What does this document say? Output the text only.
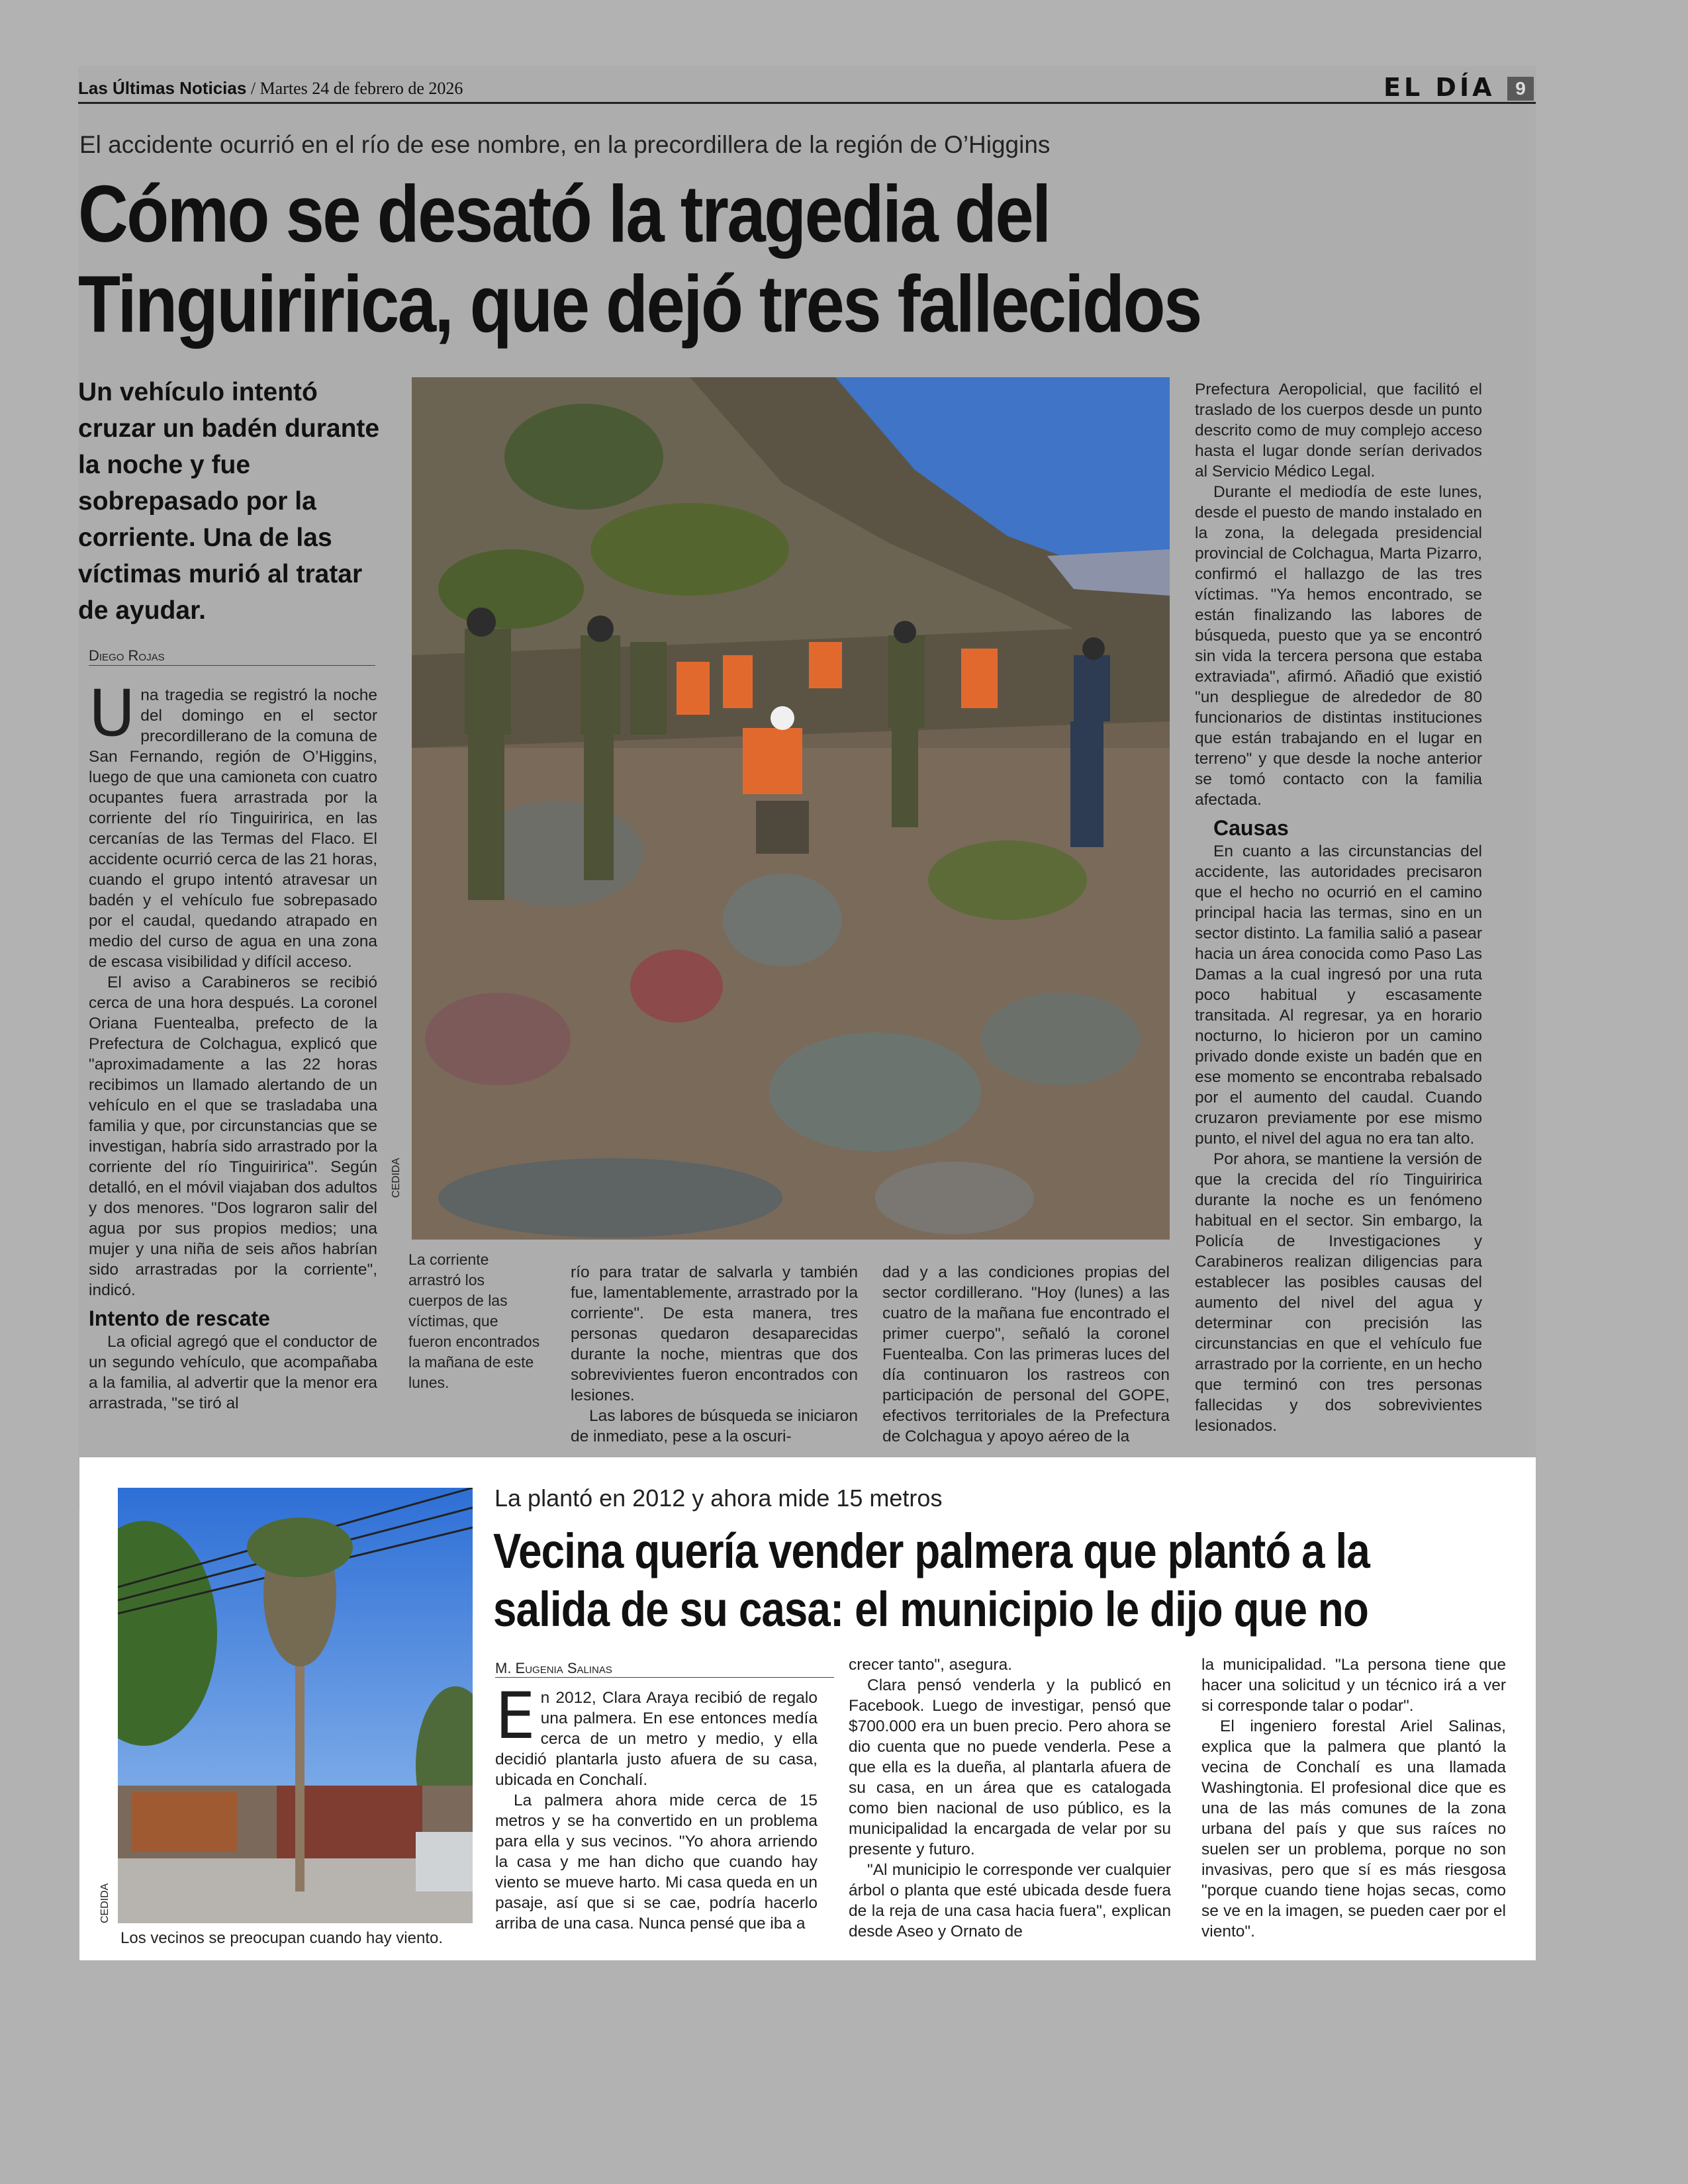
Las Últimas Noticias / Martes 24 de febrero de 2026	EL DÍA	9
El accidente ocurrió en el río de ese nombre, en la precordillera de la región de O’Higgins
Cómo se desató la tragedia del
Tinguiririca, que dejó tres fallecidos
Un vehículo intentó cruzar un badén durante la noche y fue sobrepasado por la corriente. Una de las víctimas murió al tratar de ayudar.
Diego Rojas

Una tragedia se registró la noche del domingo en el sector precordillerano de la comuna de San Fernando, región de O’Higgins, luego de que una camioneta con cuatro ocupantes fuera arrastrada por la corriente del río Tinguiririca, en las cercanías de las Termas del Flaco. El accidente ocurrió cerca de las 21 horas, cuando el grupo intentó atravesar un badén y el vehículo fue sobrepasado por el caudal, quedando atrapado en medio del curso de agua en una zona de escasa visibilidad y difícil acceso.

El aviso a Carabineros se recibió cerca de una hora después. La coronel Oriana Fuentealba, prefecto de la Prefectura de Colchagua, explicó que "aproximadamente a las 22 horas recibimos un llamado alertando de un vehículo en el que se trasladaba una familia y que, por circunstancias que se investigan, habría sido arrastrado por la corriente del río Tinguiririca". Según detalló, en el móvil viajaban dos adultos y dos menores. "Dos lograron salir del agua por sus propios medios; una mujer y una niña de seis años habrían sido arrastradas por la corriente", indicó.

Intento de rescate

La oficial agregó que el conductor de un segundo vehículo, que acompañaba a la familia, al advertir que la menor era arrastrada, "se tiró al

CEDIDA
La corriente arrastró los cuerpos de las víctimas, que fueron encontrados la mañana de este lunes.

río para tratar de salvarla y también fue, lamentablemente, arrastrado por la corriente". De esta manera, tres personas quedaron desaparecidas durante la noche, mientras que dos sobrevivientes fueron encontrados con lesiones.

Las labores de búsqueda se iniciaron de inmediato, pese a la oscuri-

dad y a las condiciones propias del sector cordillerano. "Hoy (lunes) a las cuatro de la mañana fue encontrado el primer cuerpo", señaló la coronel Fuentealba. Con las primeras luces del día continuaron los rastreos con participación de personal del GOPE, efectivos territoriales de la Prefectura de Colchagua y apoyo aéreo de la

Prefectura Aeropolicial, que facilitó el traslado de los cuerpos desde un punto descrito como de muy complejo acceso hasta el lugar donde serían derivados al Servicio Médico Legal.

Durante el mediodía de este lunes, desde el puesto de mando instalado en la zona, la delegada presidencial provincial de Colchagua, Marta Pizarro, confirmó el hallazgo de las tres víctimas. "Ya hemos encontrado, se están finalizando las labores de búsqueda, puesto que ya se encontró sin vida la tercera persona que estaba extraviada", afirmó. Añadió que existió "un despliegue de alrededor de 80 funcionarios de distintas instituciones que están trabajando en el lugar en terreno" y que desde la noche anterior se tomó contacto con la familia afectada.

Causas

En cuanto a las circunstancias del accidente, las autoridades precisaron que el hecho no ocurrió en el camino principal hacia las termas, sino en un sector distinto. La familia salió a pasear hacia un área conocida como Paso Las Damas a la cual ingresó por una ruta poco habitual y escasamente transitada. Al regresar, ya en horario nocturno, lo hicieron por un camino privado donde existe un badén que en ese momento se encontraba rebalsado por el aumento del caudal. Cuando cruzaron previamente por ese mismo punto, el nivel del agua no era tan alto.

Por ahora, se mantiene la versión de que la crecida del río Tinguiririca durante la noche es un fenómeno habitual en el sector. Sin embargo, la Policía de Investigaciones y Carabineros realizan diligencias para establecer las posibles causas del aumento del nivel del agua y determinar con precisión las circunstancias en que el vehículo fue arrastrado por la corriente, en un hecho que terminó con tres personas fallecidas y dos sobrevivientes lesionados.

CEDIDA
Los vecinos se preocupan cuando hay viento.
La plantó en 2012 y ahora mide 15 metros
Vecina quería vender palmera que plantó a la
salida de su casa: el municipio le dijo que no
M. Eugenia Salinas

En 2012, Clara Araya recibió de regalo una palmera. En ese entonces medía cerca de un metro y medio, y ella decidió plantarla justo afuera de su casa, ubicada en Conchalí.

La palmera ahora mide cerca de 15 metros y se ha convertido en un problema para ella y sus vecinos. "Yo ahora arriendo la casa y me han dicho que cuando hay viento se mueve harto. Mi casa queda en un pasaje, así que si se cae, podría hacerlo arriba de una casa. Nunca pensé que iba a

crecer tanto", asegura.

Clara pensó venderla y la publicó en Facebook. Luego de investigar, pensó que $700.000 era un buen precio. Pero ahora se dio cuenta que no puede venderla. Pese a que ella es la dueña, al plantarla afuera de su casa, en un área que es catalogada como bien nacional de uso público, es la municipalidad la encargada de velar por su presente y futuro.

"Al municipio le corresponde ver cualquier árbol o planta que esté ubicada desde fuera de la reja de una casa hacia fuera", explican desde Aseo y Ornato de

la municipalidad. "La persona tiene que hacer una solicitud y un técnico irá a ver si corresponde talar o podar".

El ingeniero forestal Ariel Salinas, explica que la palmera que plantó la vecina de Conchalí es una llamada Washingtonia. El profesional dice que es una de las más comunes de la zona urbana del país y que sus raíces no suelen ser un problema, porque no son invasivas, pero que sí es más riesgosa "porque cuando tiene hojas secas, como se ve en la imagen, se pueden caer por el viento".
